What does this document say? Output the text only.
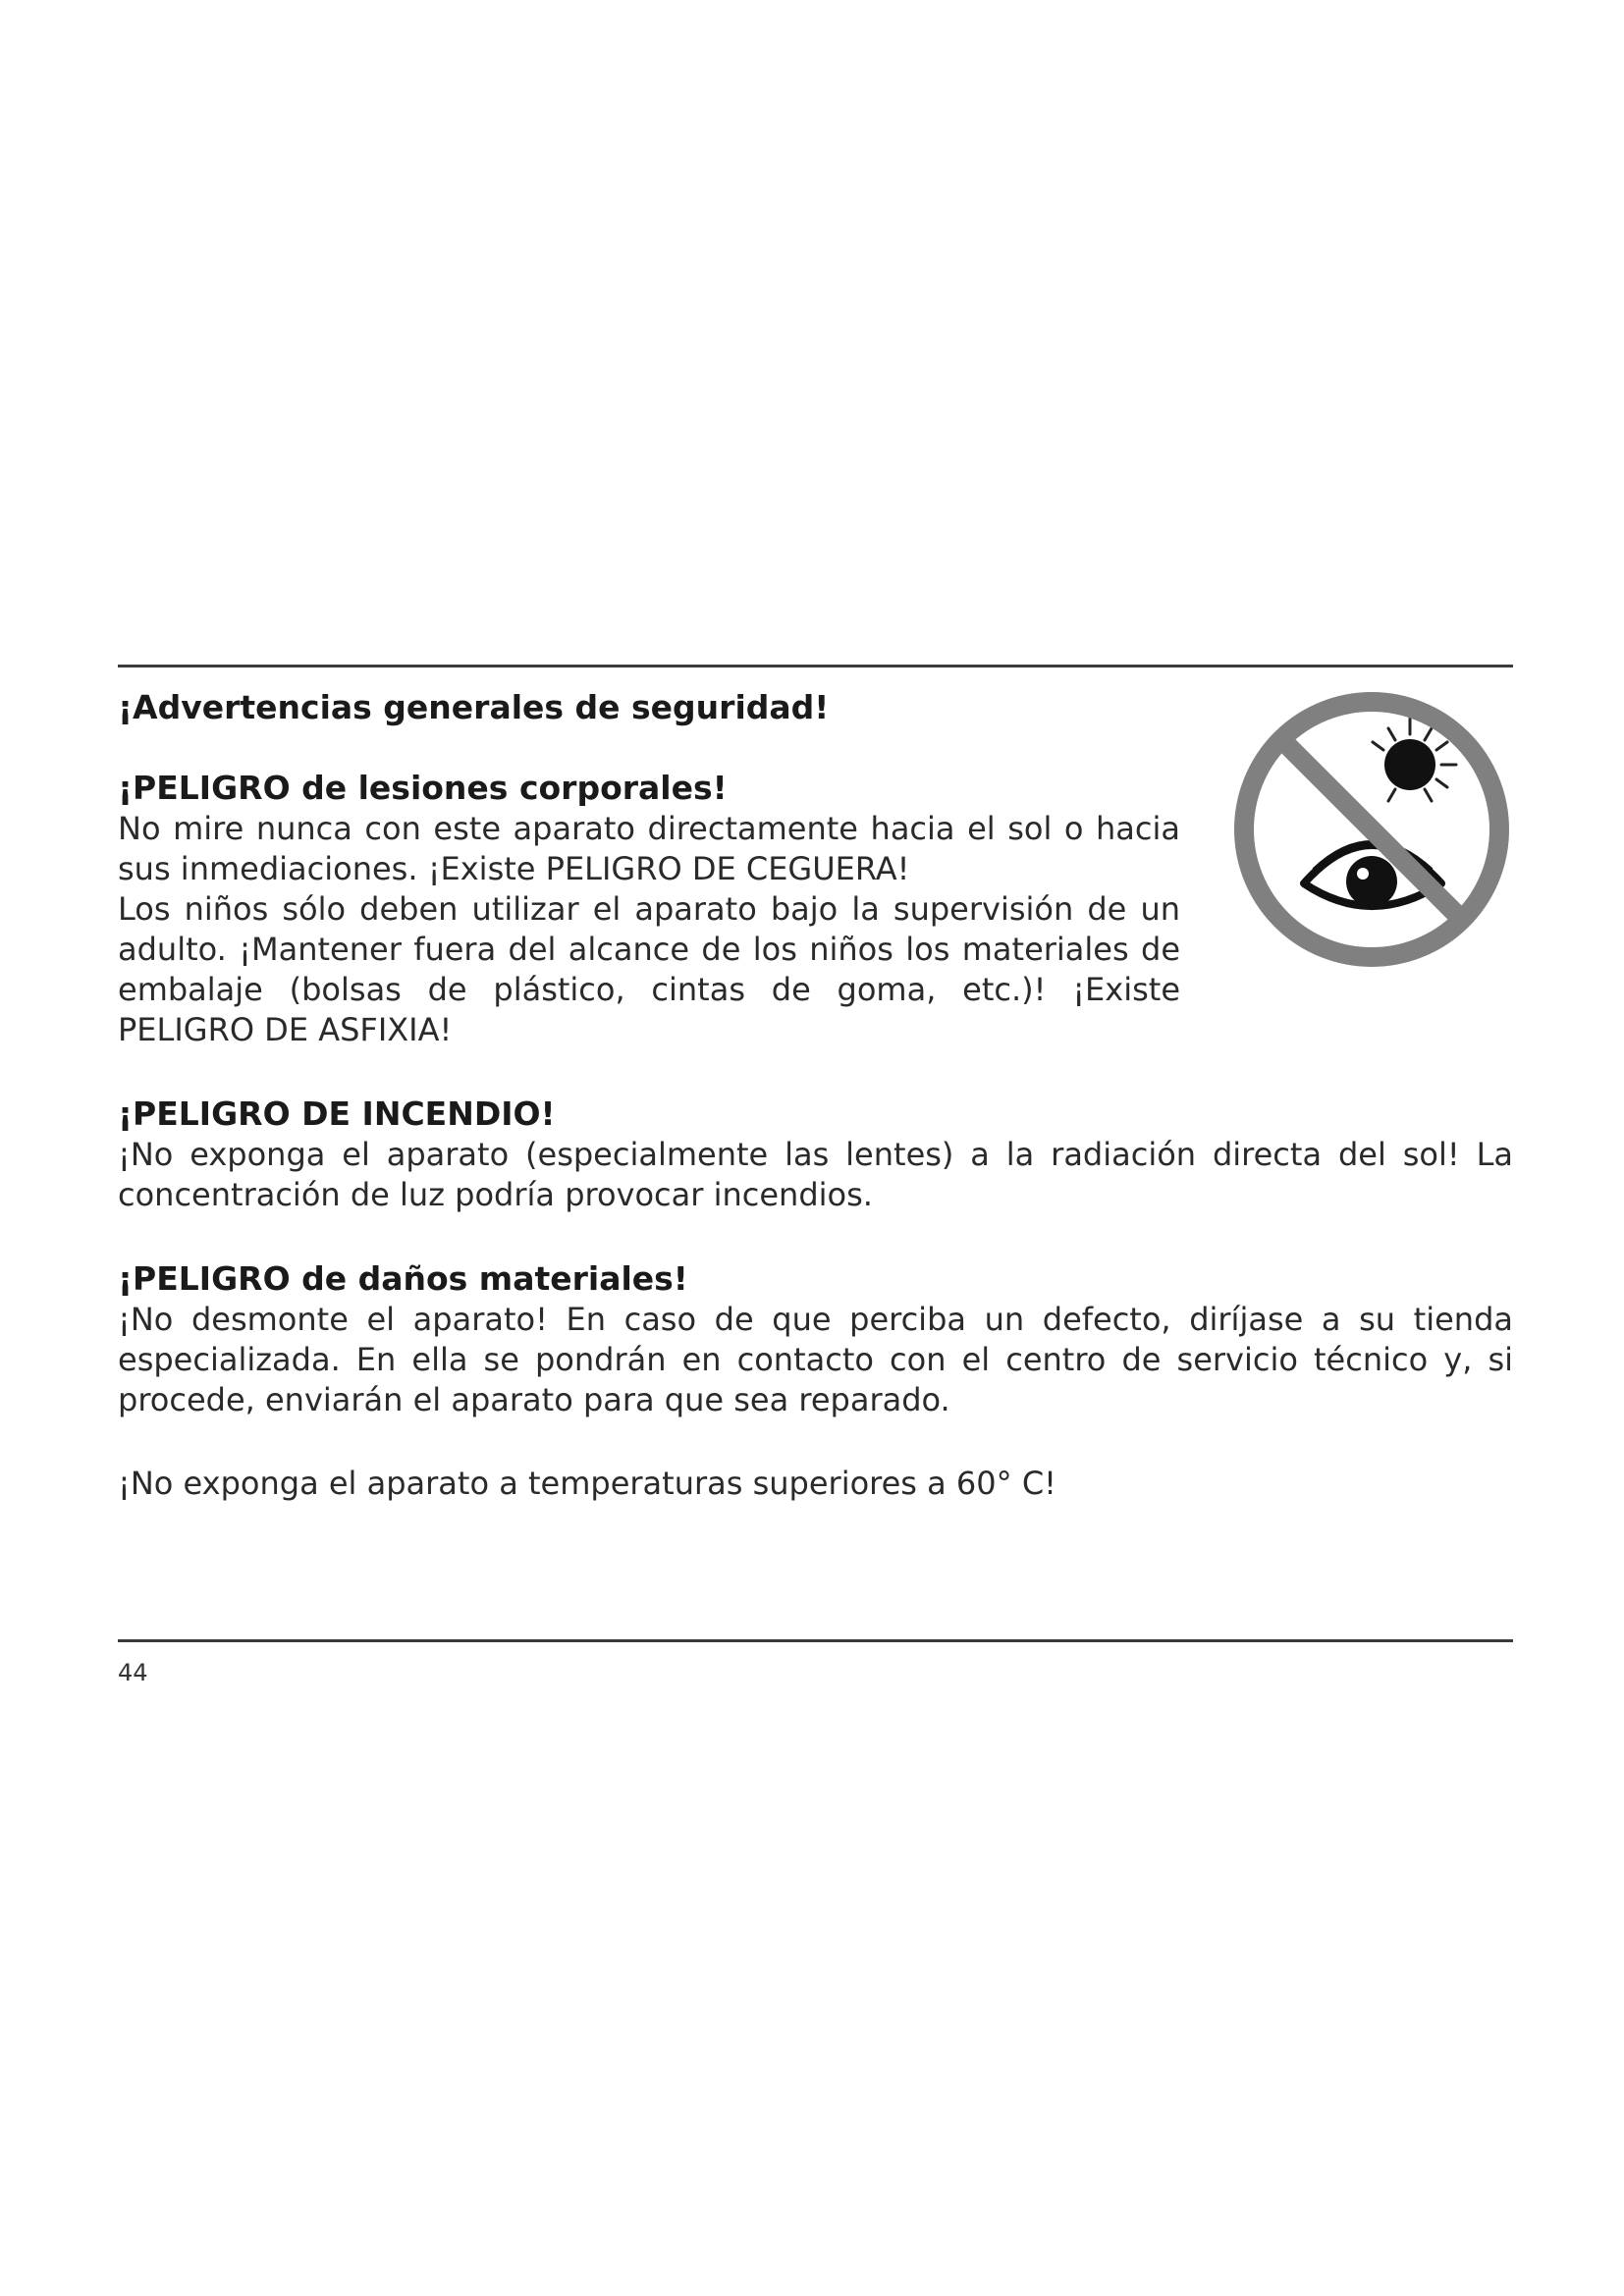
¡Advertencias generales de seguridad!
¡PELIGRO de lesiones corporales!

No mire nunca con este aparato directamente hacia el sol o hacia sus inmediaciones. ¡Existe PELIGRO DE CEGUERA!

Los niños sólo deben utilizar el aparato bajo la supervisión de un adulto. ¡Mantener fuera del alcance de los niños los materiales de embalaje (bolsas de plástico, cintas de goma, etc.)! ¡Existe PELIGRO DE ASFIXIA!

¡PELIGRO DE INCENDIO!

¡No exponga el aparato (especialmente las lentes) a la radiación directa del sol! La concentración de luz podría provocar incendios.

¡PELIGRO de daños materiales!

¡No desmonte el aparato! En caso de que perciba un defecto, diríjase a su tienda especializada. En ella se pondrán en contacto con el centro de servicio técnico y, si procede, enviarán el aparato para que sea reparado.

¡No exponga el aparato a temperaturas superiores a 60° C!

44
